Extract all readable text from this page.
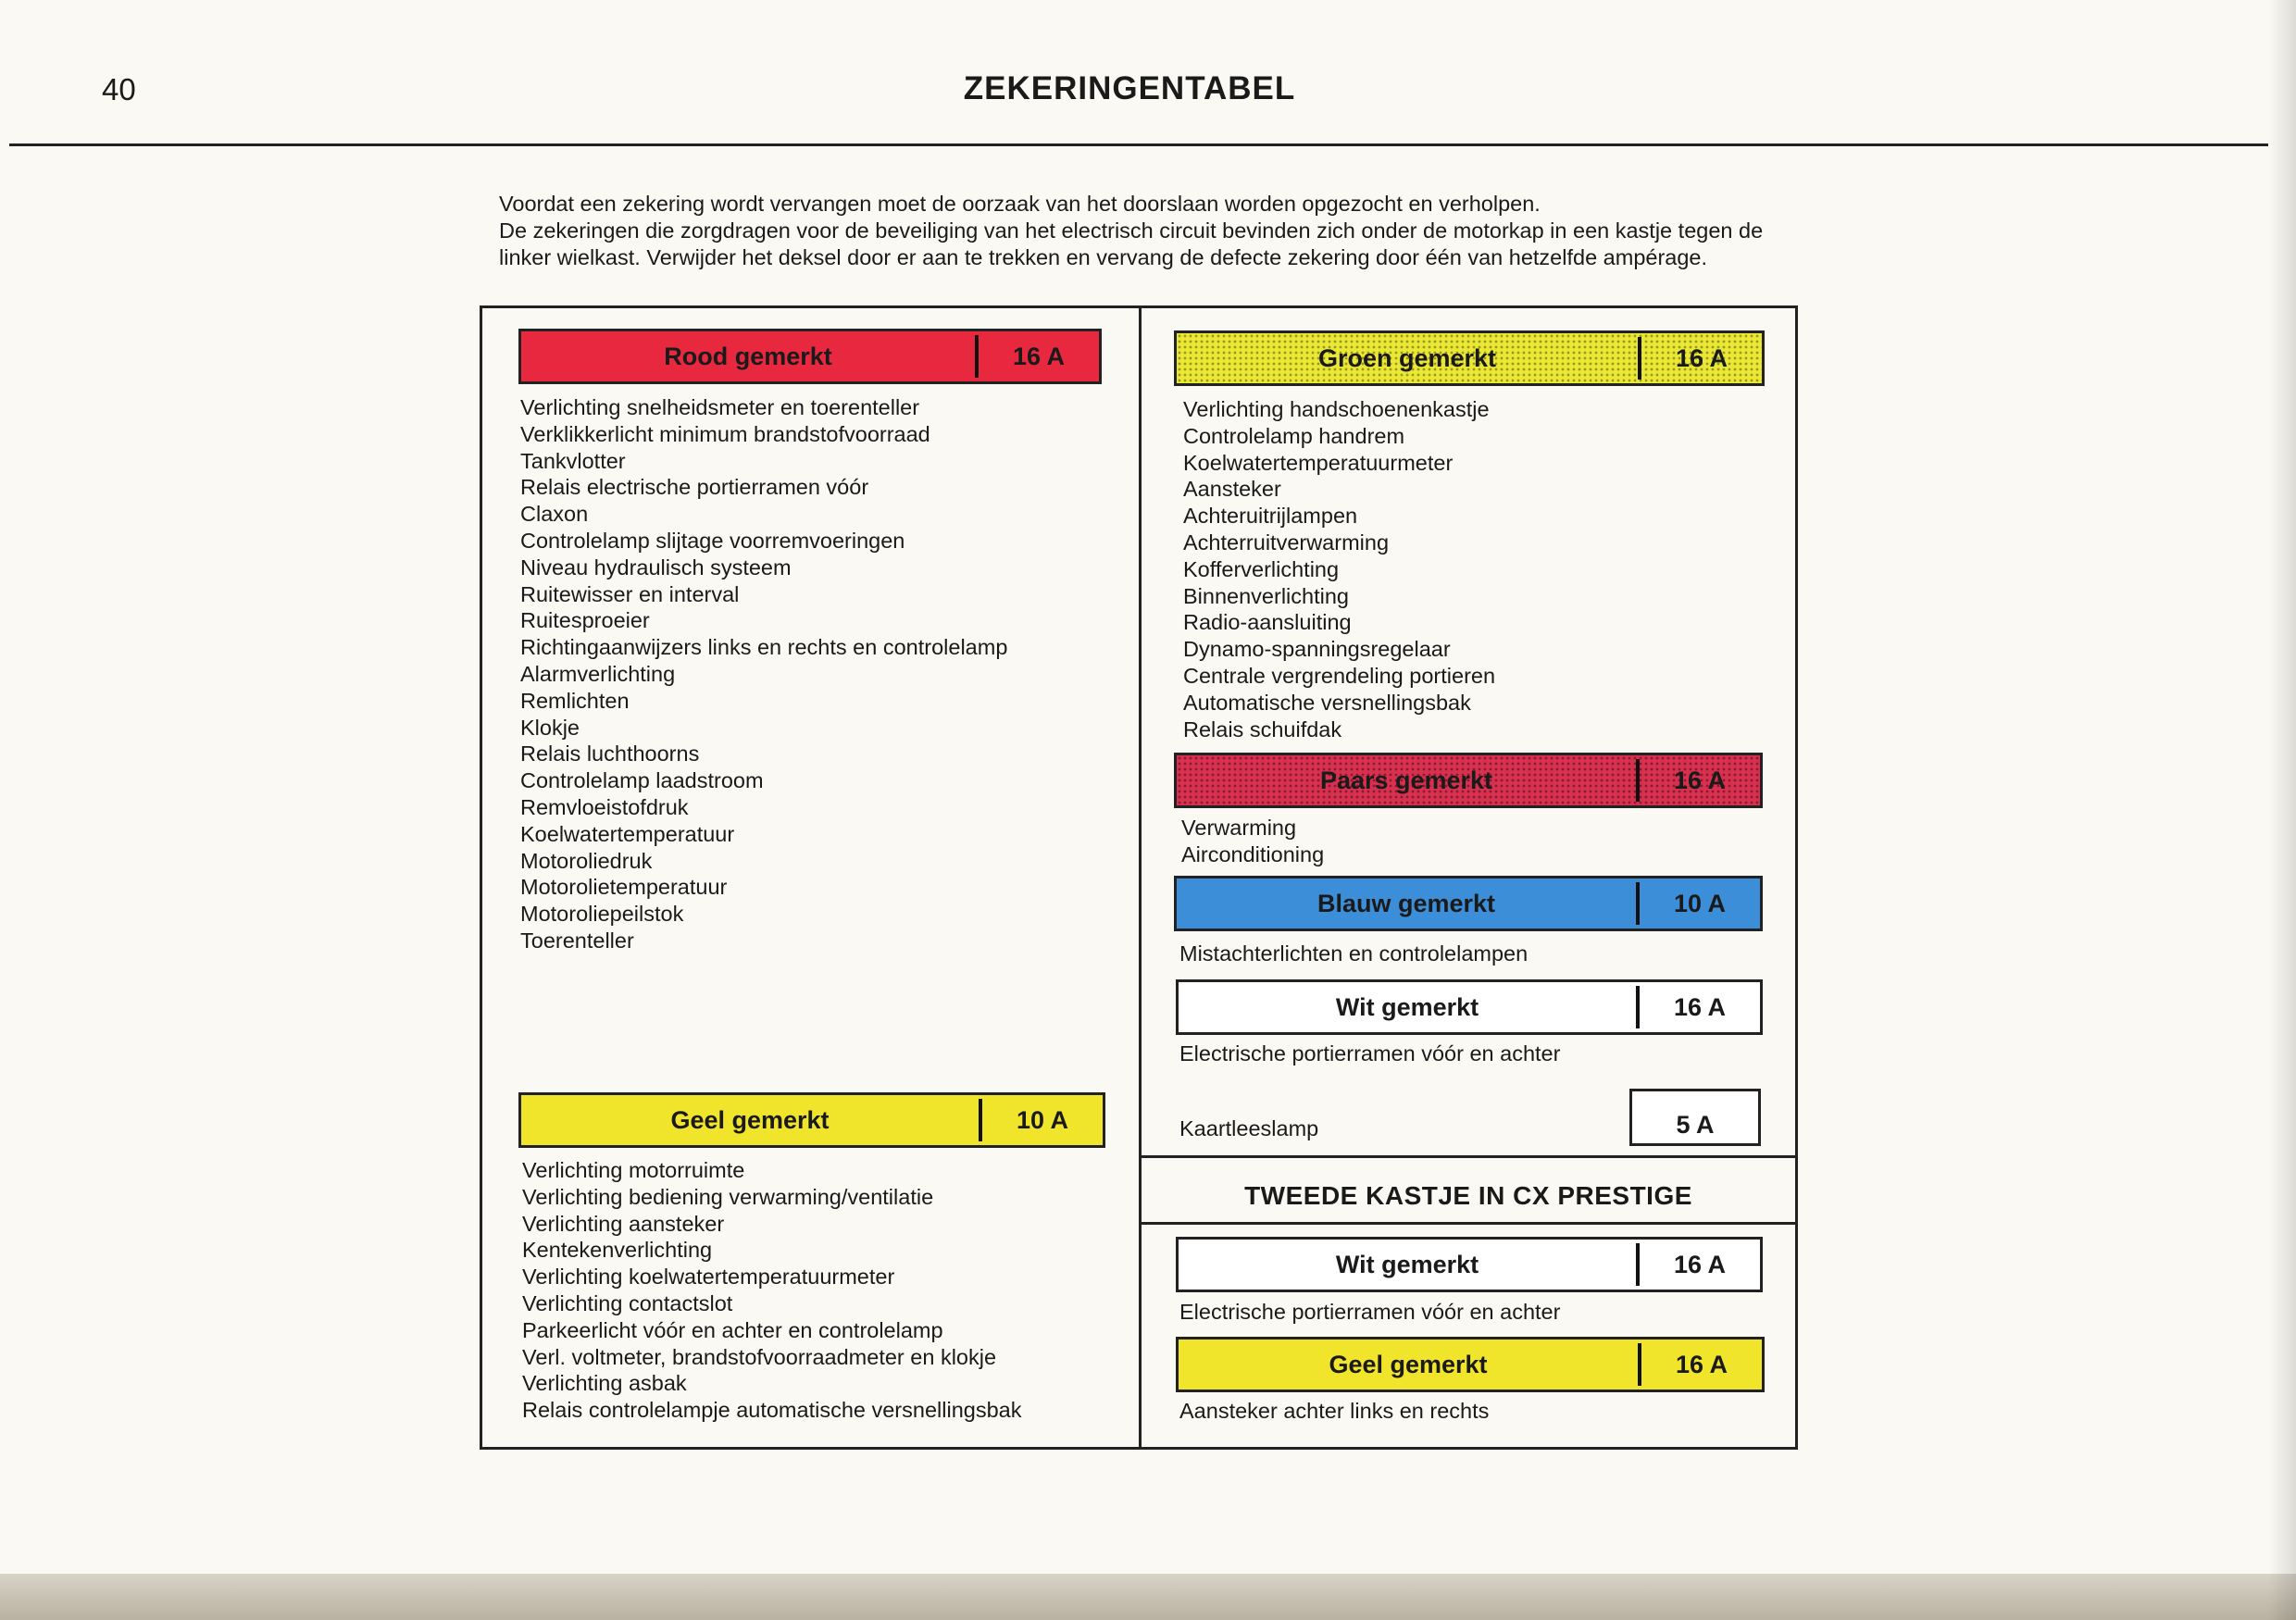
40	ZEKERINGENTABEL

Voordat een zekering wordt vervangen moet de oorzaak van het doorslaan worden opgezocht en verholpen.

De zekeringen die zorgdragen voor de beveiliging van het electrisch circuit bevinden zich onder de motorkap in een kastje tegen de linker wielkast. Verwijder het deksel door er aan te trekken en vervang de defecte zekering door één van hetzelfde ampérage.

Rood gemerkt	16 A
Verlichting snelheidsmeter en toerenteller
Verklikkerlicht minimum brandstofvoorraad
Tankvlotter
Relais electrische portierramen vóór
Claxon
Controlelamp slijtage voorremvoeringen
Niveau hydraulisch systeem
Ruitewisser en interval
Ruitesproeier
Richtingaanwijzers links en rechts en controlelamp
Alarmverlichting
Remlichten
Klokje
Relais luchthoorns
Controlelamp laadstroom
Remvloeistofdruk
Koelwatertemperatuur
Motoroliedruk
Motorolietemperatuur
Motoroliepeilstok
Toerenteller
Geel gemerkt	10 A
Verlichting motorruimte
Verlichting bediening verwarming/ventilatie
Verlichting aansteker
Kentekenverlichting
Verlichting koelwatertemperatuurmeter
Verlichting contactslot
Parkeerlicht vóór en achter en controlelamp
Verl. voltmeter, brandstofvoorraadmeter en klokje
Verlichting asbak
Relais controlelampje automatische versnellingsbak
Groen gemerkt	16 A
Verlichting handschoenenkastje
Controlelamp handrem
Koelwatertemperatuurmeter
Aansteker
Achteruitrijlampen
Achterruitverwarming
Kofferverlichting
Binnenverlichting
Radio-aansluiting
Dynamo-spanningsregelaar
Centrale vergrendeling portieren
Automatische versnellingsbak
Relais schuifdak
Paars gemerkt	16 A
Verwarming
Airconditioning
Blauw gemerkt	10 A
Mistachterlichten en controlelampen
Wit gemerkt	16 A
Electrische portierramen vóór en achter
Kaartleeslamp	5 A
TWEEDE KASTJE IN CX PRESTIGE
Wit gemerkt	16 A
Electrische portierramen vóór en achter
Geel gemerkt	16 A
Aansteker achter links en rechts
